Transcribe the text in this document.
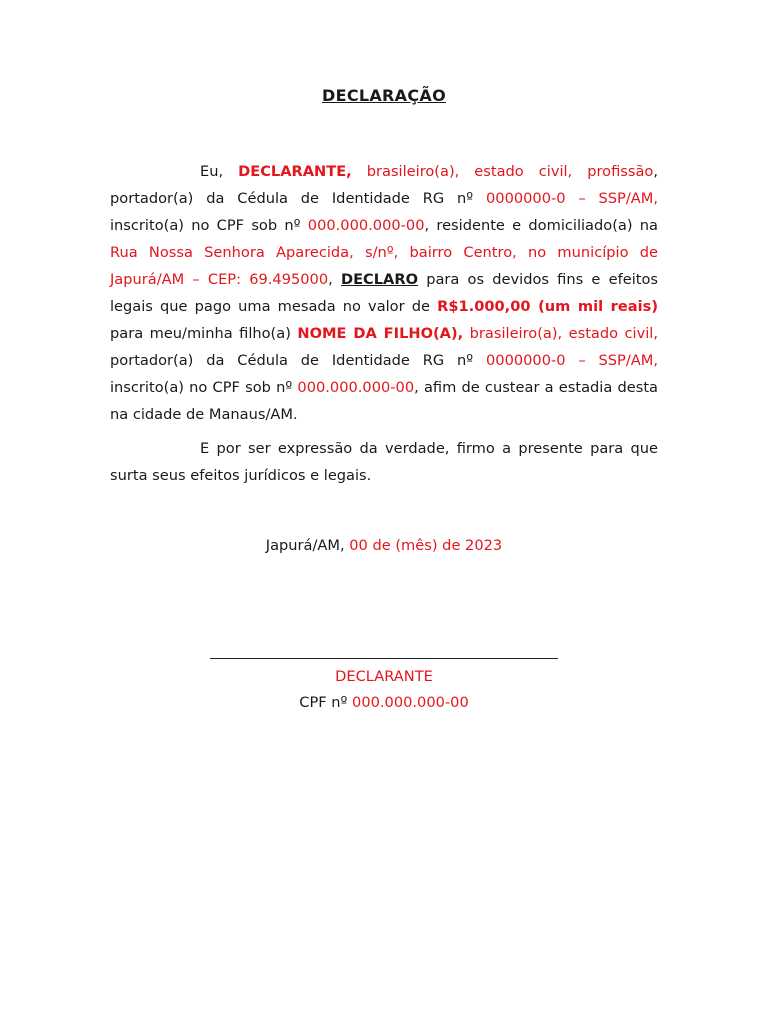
DECLARAÇÃO

Eu, DECLARANTE, brasileiro(a), estado civil, profissão, portador(a) da Cédula de Identidade RG nº 0000000-0 – SSP/AM, inscrito(a) no CPF sob nº 000.000.000-00, residente e domiciliado(a) na Rua Nossa Senhora Aparecida, s/nº, bairro Centro, no município de Japurá/AM – CEP: 69.495000, DECLARO para os devidos fins e efeitos legais que pago uma mesada no valor de R$1.000,00 (um mil reais) para meu/minha filho(a) NOME DA FILHO(A), brasileiro(a), estado civil, portador(a) da Cédula de Identidade RG nº 0000000-0 – SSP/AM, inscrito(a) no CPF sob nº 000.000.000-00, afim de custear a estadia desta na cidade de Manaus/AM.

E por ser expressão da verdade, firmo a presente para que surta seus efeitos jurídicos e legais.

Japurá/AM, 00 de (mês) de 2023
DECLARANTE
CPF nº 000.000.000-00
